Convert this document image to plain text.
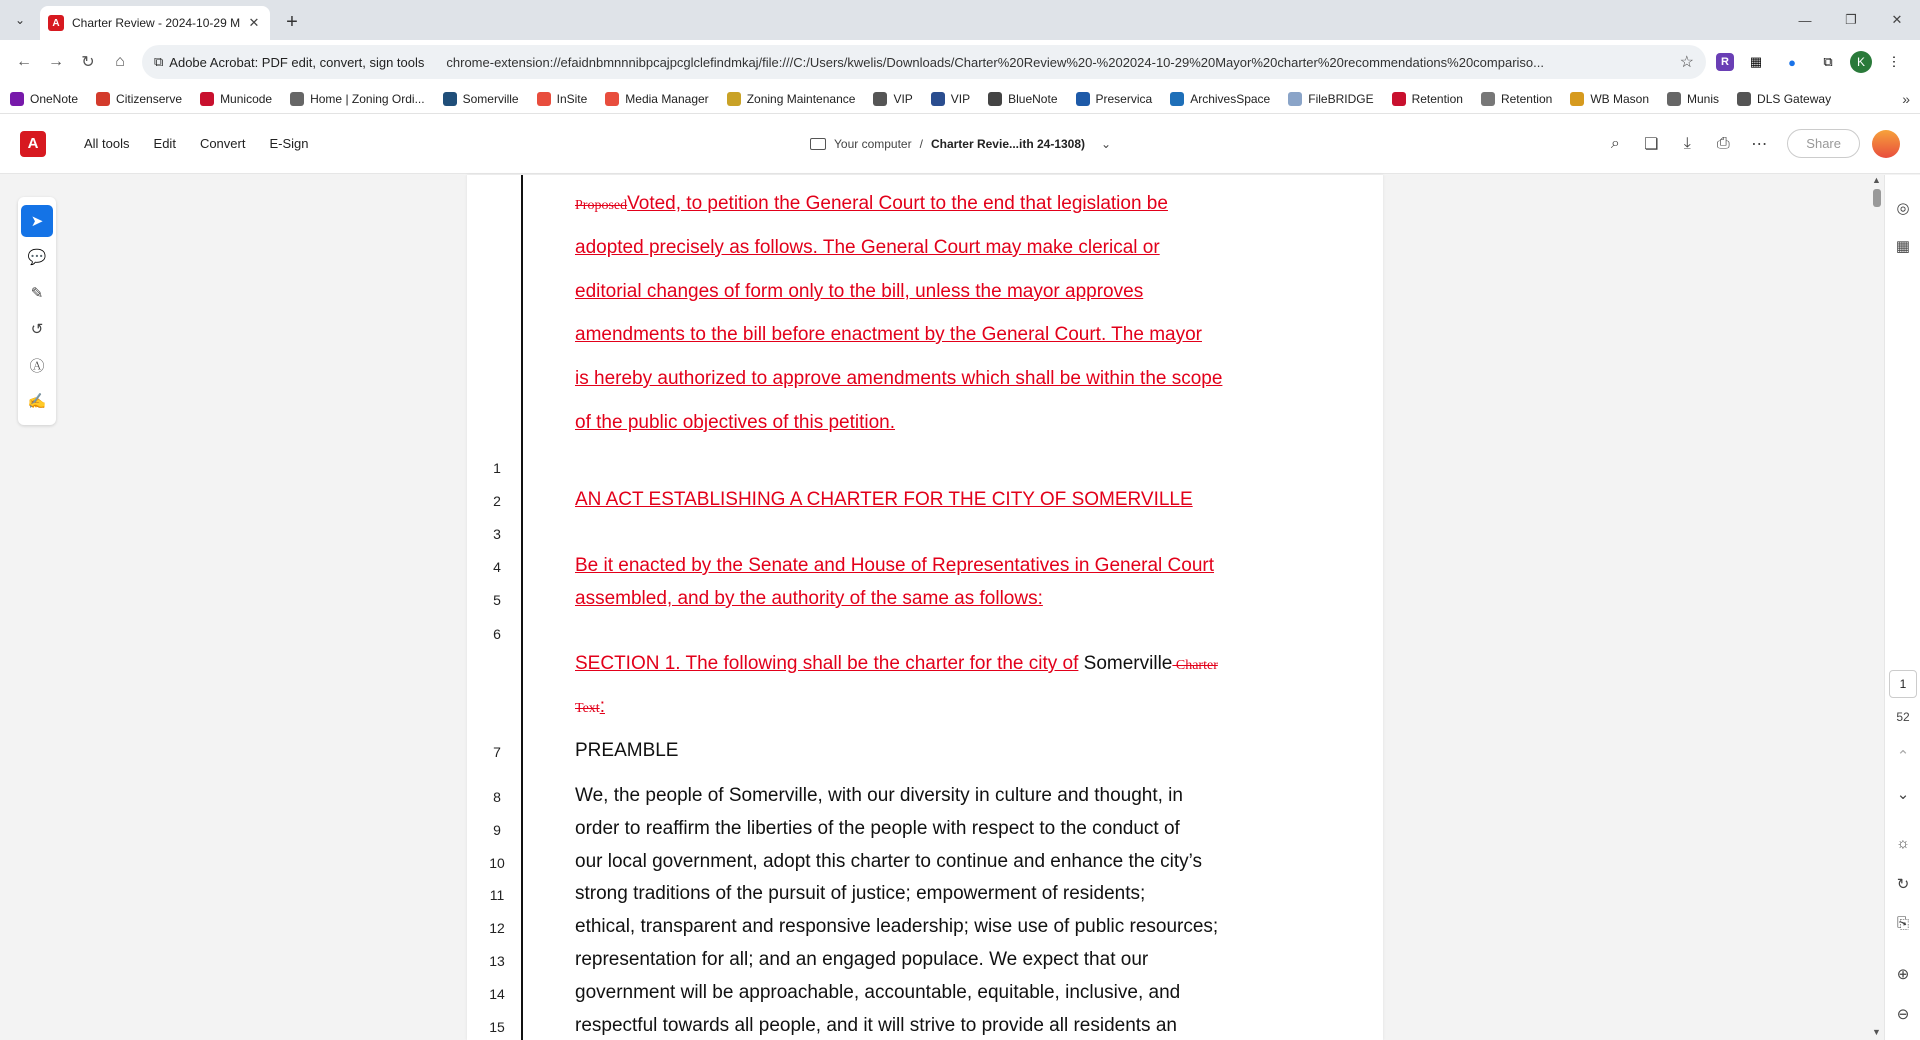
⌄	A	Charter Review - 2024-10-29 M ✕	+	—	❐	✕
←	→	↻	⌂	⧉ Adobe Acrobat: PDF edit, convert, sign tools chrome-extension://efaidnbmnnnibpcajpcglclefindmkaj/file:///C:/Users/kwelis/Downloads/Charter%20Review%20-%202024-10-29%20Mayor%20charter%20recommendations%20compariso...	☆	R	▦	●	⧉	K	⋮
OneNote	Citizenserve	Municode	Home | Zoning Ordi...	Somerville	InSite	Media Manager	Zoning Maintenance	VIP	VIP	BlueNote	Preservica	ArchivesSpace	FileBRIDGE	Retention	Retention	WB Mason	Munis	DLS Gateway	»
A	All tools Edit Convert E-Sign	Your computer / Charter Revie...ith 24-1308) ⌄	⌕	❏	⤓	⎙	⋯	Share
➤
💬
✎
↺
Ⓐ
✍
ProposedVoted, to petition the General Court to the end that legislation be
adopted precisely as follows. The General Court may make clerical or
editorial changes of form only to the bill, unless the mayor approves
amendments to the bill before enactment by the General Court. The mayor
is hereby authorized to approve amendments which shall be within the scope
of the public objectives of this petition.
1
2	AN ACT ESTABLISHING A CHARTER FOR THE CITY OF SOMERVILLE
3
4	Be it enacted by the Senate and House of Representatives in General Court
5	assembled, and by the authority of the same as follows:
6
SECTION 1. The following shall be the charter for the city of Somerville Charter
Text:
7	PREAMBLE
8	We, the people of Somerville, with our diversity in culture and thought, in
9	order to reaffirm the liberties of the people with respect to the conduct of
10	our local government, adopt this charter to continue and enhance the city’s
11	strong traditions of the pursuit of justice; empowerment of residents;
12	ethical, transparent and responsive leadership; wise use of public resources;
13	representation for all; and an engaged populace. We expect that our
14	government will be approachable, accountable, equitable, inclusive, and
15	respectful towards all people, and it will strive to provide all residents an
▲
▼
◎
▦
1
52
⌃
⌄
☼
↻
⎘
⊕
⊖
